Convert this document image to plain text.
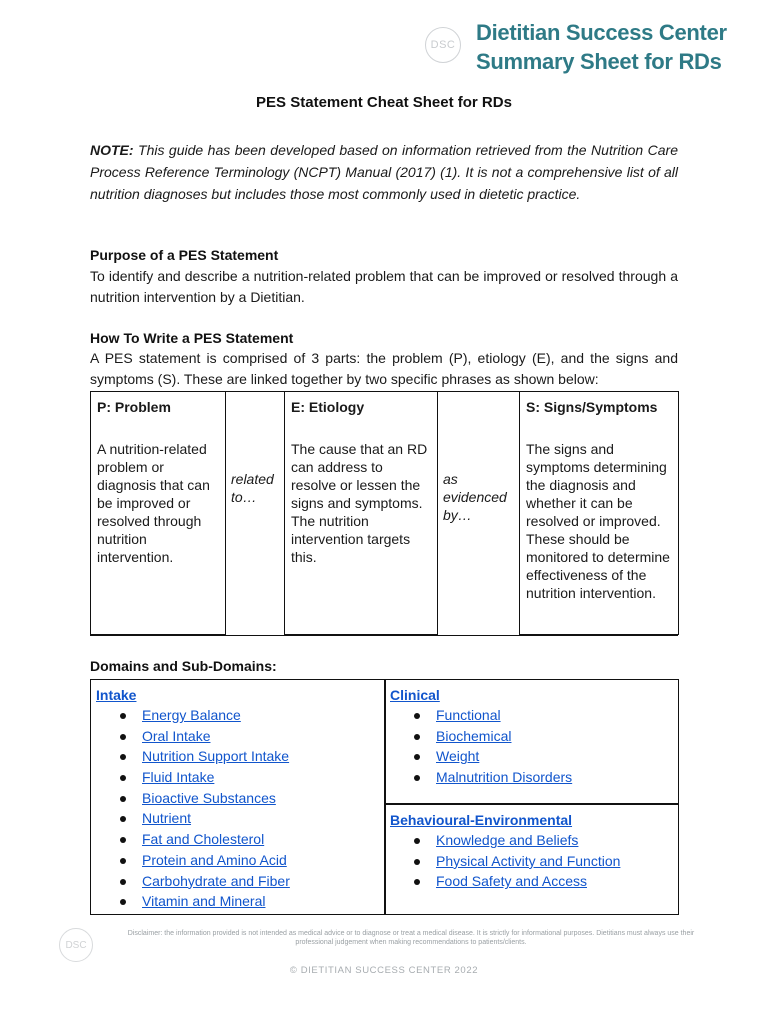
DSC Dietitian Success Center
Summary Sheet for RDs
PES Statement Cheat Sheet for RDs
NOTE: This guide has been developed based on information retrieved from the Nutrition Care Process Reference Terminology (NCPT) Manual (2017) (1). It is not a comprehensive list of all nutrition diagnoses but includes those most commonly used in dietetic practice.
Purpose of a PES Statement
To identify and describe a nutrition-related problem that can be improved or resolved through a nutrition intervention by a Dietitian.
How To Write a PES Statement
A PES statement is comprised of 3 parts: the problem (P), etiology (E), and the signs and symptoms (S). These are linked together by two specific phrases as shown below:
P: Problem
A nutrition-related problem or diagnosis that can be improved or resolved through nutrition intervention.
related to…
E: Etiology
The cause that an RD can address to resolve or lessen the signs and symptoms. The nutrition intervention targets this.
as evidenced by…
S: Signs/Symptoms
The signs and symptoms determining the diagnosis and whether it can be resolved or improved. These should be monitored to determine effectiveness of the nutrition intervention.
Domains and Sub-Domains:
Intake
Energy Balance
Oral Intake
Nutrition Support Intake
Fluid Intake
Bioactive Substances
Nutrient
Fat and Cholesterol
Protein and Amino Acid
Carbohydrate and Fiber
Vitamin and Mineral
Clinical
Functional
Biochemical
Weight
Malnutrition Disorders
Behavioural-Environmental
Knowledge and Beliefs
Physical Activity and Function
Food Safety and Access
DSC
Disclaimer: the information provided is not intended as medical advice or to diagnose or treat a medical disease. It is strictly for informational purposes. Dietitians must always use their professional judgement when making recommendations to patients/clients.
© DIETITIAN SUCCESS CENTER 2022
